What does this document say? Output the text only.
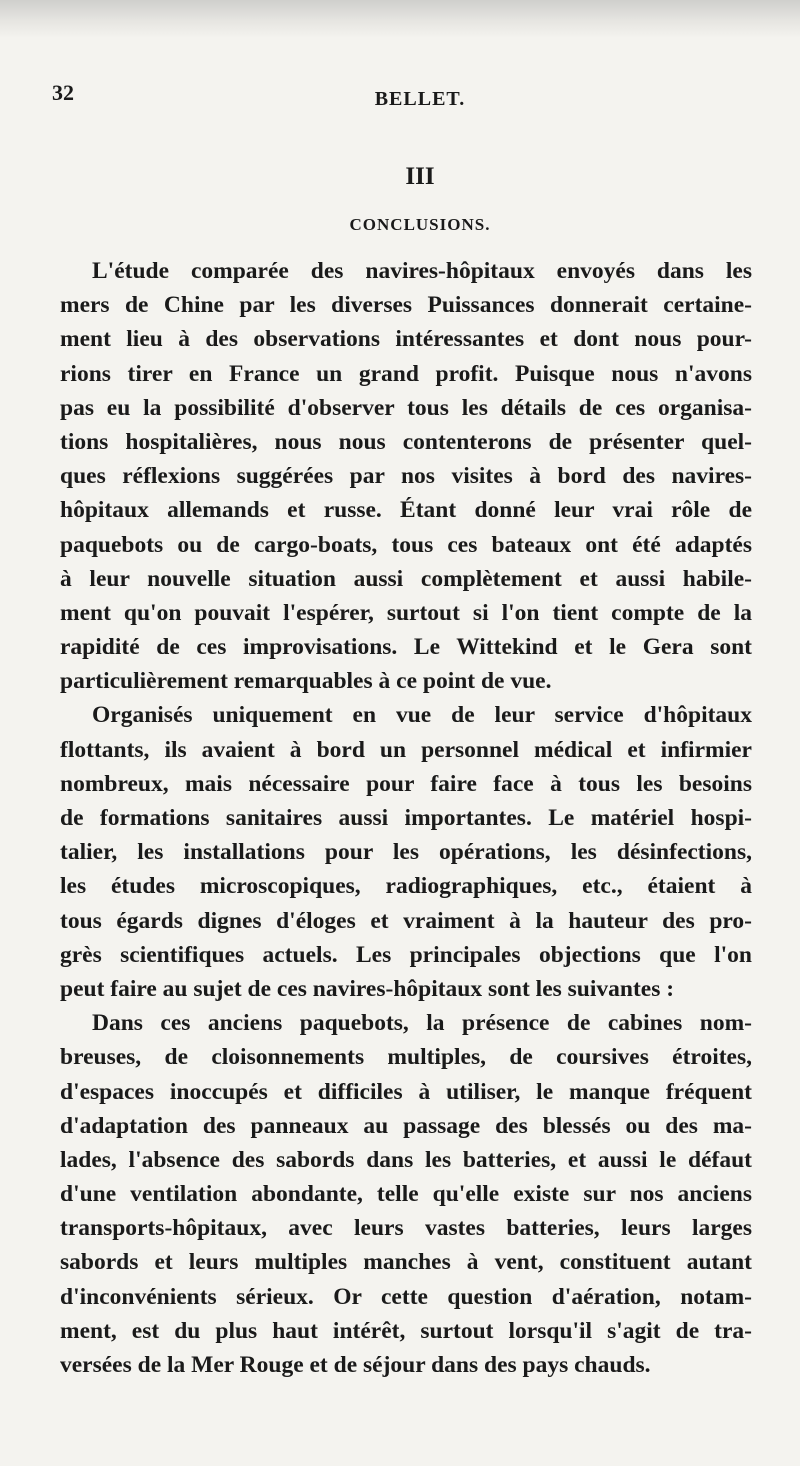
32	BELLET.
III
CONCLUSIONS.
L'étude comparée des navires-hôpitaux envoyés dans les
mers de Chine par les diverses Puissances donnerait certaine-
ment lieu à des observations intéressantes et dont nous pour-
rions tirer en France un grand profit. Puisque nous n'avons
pas eu la possibilité d'observer tous les détails de ces organisa-
tions hospitalières, nous nous contenterons de présenter quel-
ques réflexions suggérées par nos visites à bord des navires-
hôpitaux allemands et russe. Étant donné leur vrai rôle de
paquebots ou de cargo-boats, tous ces bateaux ont été adaptés
à leur nouvelle situation aussi complètement et aussi habile-
ment qu'on pouvait l'espérer, surtout si l'on tient compte de la
rapidité de ces improvisations. Le Wittekind et le Gera sont
particulièrement remarquables à ce point de vue.
Organisés uniquement en vue de leur service d'hôpitaux
flottants, ils avaient à bord un personnel médical et infirmier
nombreux, mais nécessaire pour faire face à tous les besoins
de formations sanitaires aussi importantes. Le matériel hospi-
talier, les installations pour les opérations, les désinfections,
les études microscopiques, radiographiques, etc., étaient à
tous égards dignes d'éloges et vraiment à la hauteur des pro-
grès scientifiques actuels. Les principales objections que l'on
peut faire au sujet de ces navires-hôpitaux sont les suivantes :
Dans ces anciens paquebots, la présence de cabines nom-
breuses, de cloisonnements multiples, de coursives étroites,
d'espaces inoccupés et difficiles à utiliser, le manque fréquent
d'adaptation des panneaux au passage des blessés ou des ma-
lades, l'absence des sabords dans les batteries, et aussi le défaut
d'une ventilation abondante, telle qu'elle existe sur nos anciens
transports-hôpitaux, avec leurs vastes batteries, leurs larges
sabords et leurs multiples manches à vent, constituent autant
d'inconvénients sérieux. Or cette question d'aération, notam-
ment, est du plus haut intérêt, surtout lorsqu'il s'agit de tra-
versées de la Mer Rouge et de séjour dans des pays chauds.
